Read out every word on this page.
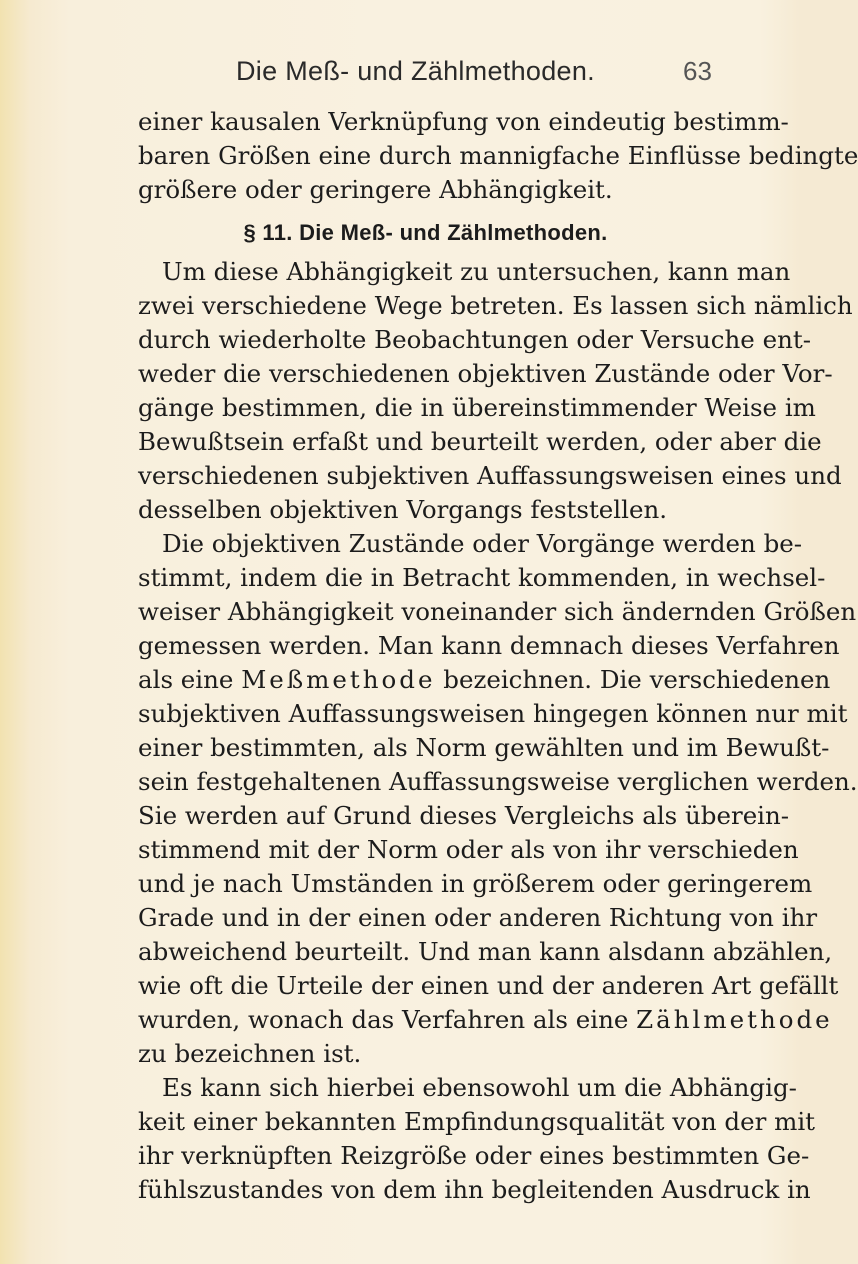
Die Meß- und Zählmethoden.	63
einer kausalen Verknüpfung von eindeutig bestimm-
baren Größen eine durch mannigfache Einflüsse bedingte
größere oder geringere Abhängigkeit.
§ 11. Die Meß- und Zählmethoden.
Um diese Abhängigkeit zu untersuchen, kann man
zwei verschiedene Wege betreten. Es lassen sich nämlich
durch wiederholte Beobachtungen oder Versuche ent-
weder die verschiedenen objektiven Zustände oder Vor-
gänge bestimmen, die in übereinstimmender Weise im
Bewußtsein erfaßt und beurteilt werden, oder aber die
verschiedenen subjektiven Auffassungsweisen eines und
desselben objektiven Vorgangs feststellen.
Die objektiven Zustände oder Vorgänge werden be-
stimmt, indem die in Betracht kommenden, in wechsel-
weiser Abhängigkeit voneinander sich ändernden Größen
gemessen werden. Man kann demnach dieses Verfahren
als eine Meßmethode bezeichnen. Die verschiedenen
subjektiven Auffassungsweisen hingegen können nur mit
einer bestimmten, als Norm gewählten und im Bewußt-
sein festgehaltenen Auffassungsweise verglichen werden.
Sie werden auf Grund dieses Vergleichs als überein-
stimmend mit der Norm oder als von ihr verschieden
und je nach Umständen in größerem oder geringerem
Grade und in der einen oder anderen Richtung von ihr
abweichend beurteilt. Und man kann alsdann abzählen,
wie oft die Urteile der einen und der anderen Art gefällt
wurden, wonach das Verfahren als eine Zählmethode
zu bezeichnen ist.
Es kann sich hierbei ebensowohl um die Abhängig-
keit einer bekannten Empfindungsqualität von der mit
ihr verknüpften Reizgröße oder eines bestimmten Ge-
fühlszustandes von dem ihn begleitenden Ausdruck in
